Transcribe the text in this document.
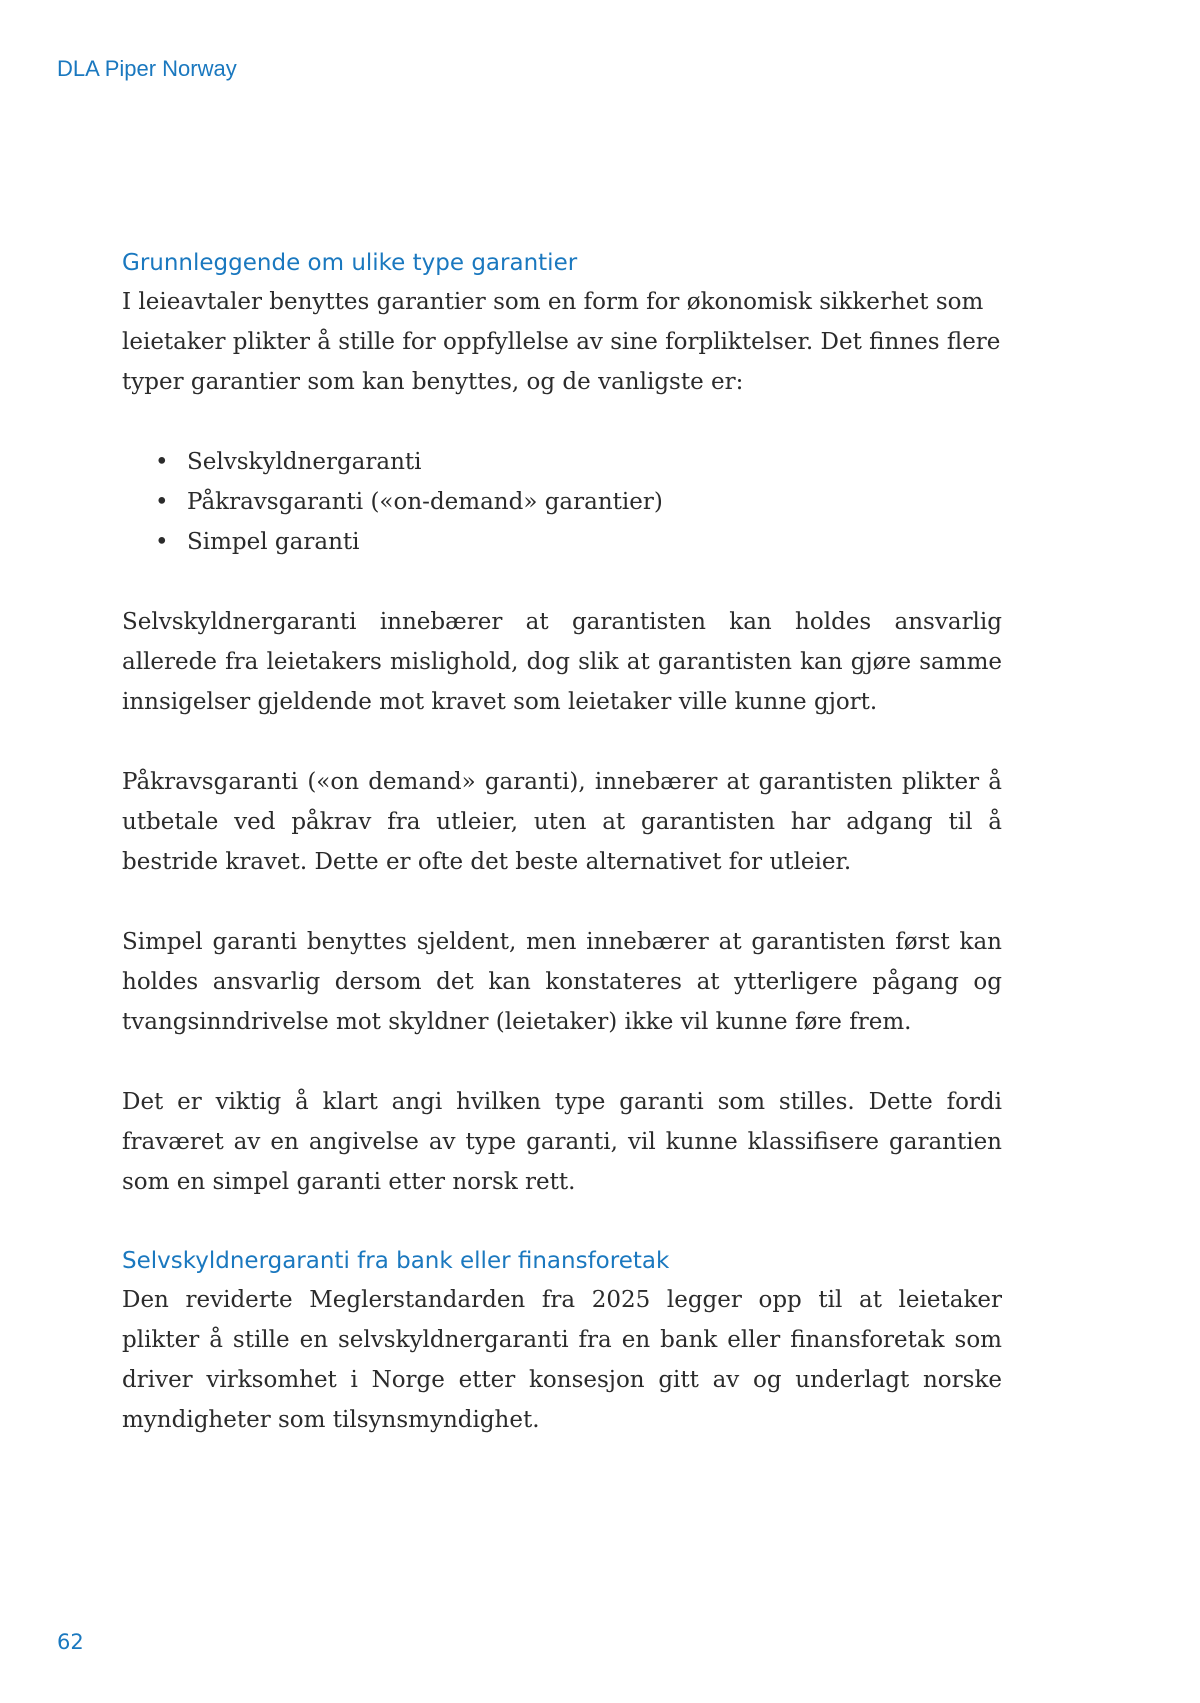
DLA Piper Norway
Grunnleggende om ulike type garantier

I leieavtaler benyttes garantier som en form for økonomisk sikkerhet som leietaker plikter å stille for oppfyllelse av sine forpliktelser. Det finnes flere typer garantier som kan benyttes, og de vanligste er:

• Selvskyldnergaranti
• Påkravsgaranti («on-demand» garantier)
• Simpel garanti

Selvskyldnergaranti innebærer at garantisten kan holdes ansvarlig allerede fra leietakers mislighold, dog slik at garantisten kan gjøre samme innsigelser gjeldende mot kravet som leietaker ville kunne gjort.

Påkravsgaranti («on demand» garanti), innebærer at garantisten plikter å utbetale ved påkrav fra utleier, uten at garantisten har adgang til å bestride kravet. Dette er ofte det beste alternativet for utleier.

Simpel garanti benyttes sjeldent, men innebærer at garantisten først kan holdes ansvarlig dersom det kan konstateres at ytterligere pågang og tvangsinndrivelse mot skyldner (leietaker) ikke vil kunne føre frem.

Det er viktig å klart angi hvilken type garanti som stilles. Dette fordi fraværet av en angivelse av type garanti, vil kunne klassifisere garantien som en simpel garanti etter norsk rett.

Selvskyldnergaranti fra bank eller finansforetak

Den reviderte Meglerstandarden fra 2025 legger opp til at leietaker plikter å stille en selvskyldnergaranti fra en bank eller finansforetak som driver virksomhet i Norge etter konsesjon gitt av og underlagt norske myndigheter som tilsynsmyndighet.

62
